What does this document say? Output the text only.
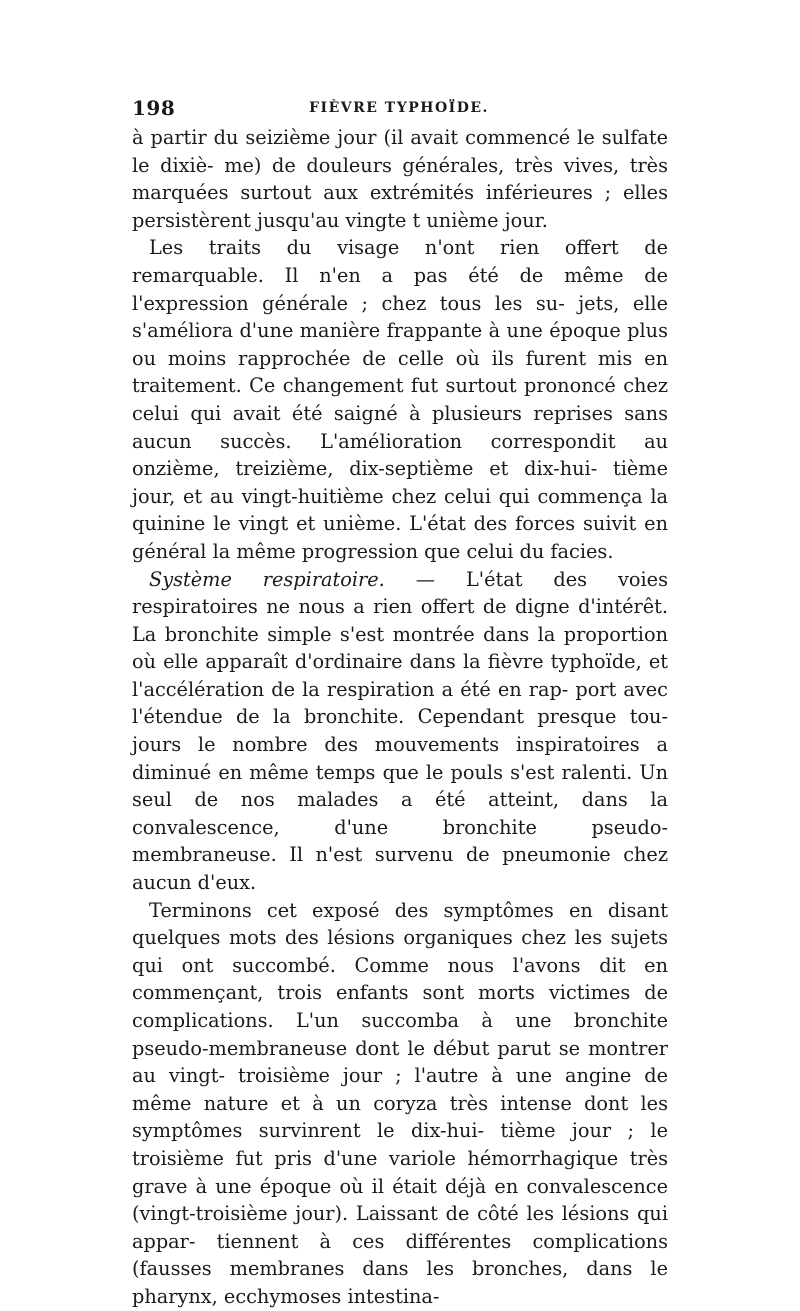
198	FIÈVRE TYPHOÏDE.

à partir du seizième jour (il avait commencé le sulfate le dixiè- me) de douleurs générales, très vives, très marquées surtout aux extrémités inférieures ; elles persistèrent jusqu'au vingte t unième jour.

Les traits du visage n'ont rien offert de remarquable. Il n'en a pas été de même de l'expression générale ; chez tous les su- jets, elle s'améliora d'une manière frappante à une époque plus ou moins rapprochée de celle où ils furent mis en traitement. Ce changement fut surtout prononcé chez celui qui avait été saigné à plusieurs reprises sans aucun succès. L'amélioration correspondit au onzième, treizième, dix-septième et dix-hui- tième jour, et au vingt-huitième chez celui qui commença la quinine le vingt et unième. L'état des forces suivit en général la même progression que celui du facies.

Système respiratoire. — L'état des voies respiratoires ne nous a rien offert de digne d'intérêt. La bronchite simple s'est montrée dans la proportion où elle apparaît d'ordinaire dans la fièvre typhoïde, et l'accélération de la respiration a été en rap- port avec l'étendue de la bronchite. Cependant presque tou- jours le nombre des mouvements inspiratoires a diminué en même temps que le pouls s'est ralenti. Un seul de nos malades a été atteint, dans la convalescence, d'une bronchite pseudo- membraneuse. Il n'est survenu de pneumonie chez aucun d'eux.

Terminons cet exposé des symptômes en disant quelques mots des lésions organiques chez les sujets qui ont succombé. Comme nous l'avons dit en commençant, trois enfants sont morts victimes de complications. L'un succomba à une bronchite pseudo-membraneuse dont le début parut se montrer au vingt- troisième jour ; l'autre à une angine de même nature et à un coryza très intense dont les symptômes survinrent le dix-hui- tième jour ; le troisième fut pris d'une variole hémorrhagique très grave à une époque où il était déjà en convalescence (vingt-troisième jour). Laissant de côté les lésions qui appar- tiennent à ces différentes complications (fausses membranes dans les bronches, dans le pharynx, ecchymoses intestina-
